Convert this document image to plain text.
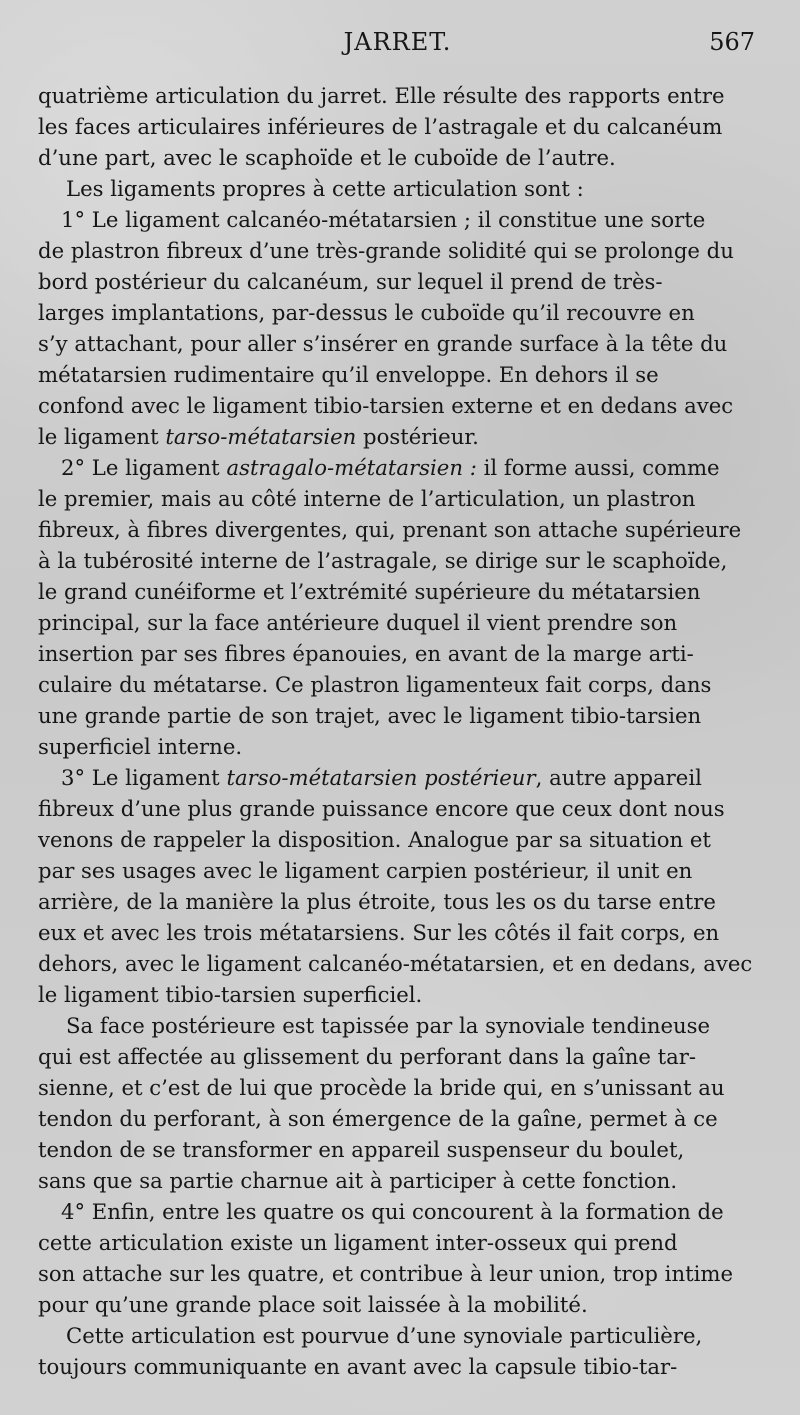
JARRET.	567
quatrième articulation du jarret. Elle résulte des rapports entre
les faces articulaires inférieures de l’astragale et du calcanéum
d’une part, avec le scaphoïde et le cuboïde de l’autre.
Les ligaments propres à cette articulation sont :
1° Le ligament calcanéo-métatarsien ; il constitue une sorte
de plastron fibreux d’une très-grande solidité qui se prolonge du
bord postérieur du calcanéum, sur lequel il prend de très-
larges implantations, par-dessus le cuboïde qu’il recouvre en
s’y attachant, pour aller s’insérer en grande surface à la tête du
métatarsien rudimentaire qu’il enveloppe. En dehors il se
confond avec le ligament tibio-tarsien externe et en dedans avec
le ligament tarso-métatarsien postérieur.
2° Le ligament astragalo-métatarsien : il forme aussi, comme
le premier, mais au côté interne de l’articulation, un plastron
fibreux, à fibres divergentes, qui, prenant son attache supérieure
à la tubérosité interne de l’astragale, se dirige sur le scaphoïde,
le grand cunéiforme et l’extrémité supérieure du métatarsien
principal, sur la face antérieure duquel il vient prendre son
insertion par ses fibres épanouies, en avant de la marge arti-
culaire du métatarse. Ce plastron ligamenteux fait corps, dans
une grande partie de son trajet, avec le ligament tibio-tarsien
superficiel interne.
3° Le ligament tarso-métatarsien postérieur, autre appareil
fibreux d’une plus grande puissance encore que ceux dont nous
venons de rappeler la disposition. Analogue par sa situation et
par ses usages avec le ligament carpien postérieur, il unit en
arrière, de la manière la plus étroite, tous les os du tarse entre
eux et avec les trois métatarsiens. Sur les côtés il fait corps, en
dehors, avec le ligament calcanéo-métatarsien, et en dedans, avec
le ligament tibio-tarsien superficiel.
Sa face postérieure est tapissée par la synoviale tendineuse
qui est affectée au glissement du perforant dans la gaîne tar-
sienne, et c’est de lui que procède la bride qui, en s’unissant au
tendon du perforant, à son émergence de la gaîne, permet à ce
tendon de se transformer en appareil suspenseur du boulet,
sans que sa partie charnue ait à participer à cette fonction.
4° Enfin, entre les quatre os qui concourent à la formation de
cette articulation existe un ligament inter-osseux qui prend
son attache sur les quatre, et contribue à leur union, trop intime
pour qu’une grande place soit laissée à la mobilité.
Cette articulation est pourvue d’une synoviale particulière,
toujours communiquante en avant avec la capsule tibio-tar-
